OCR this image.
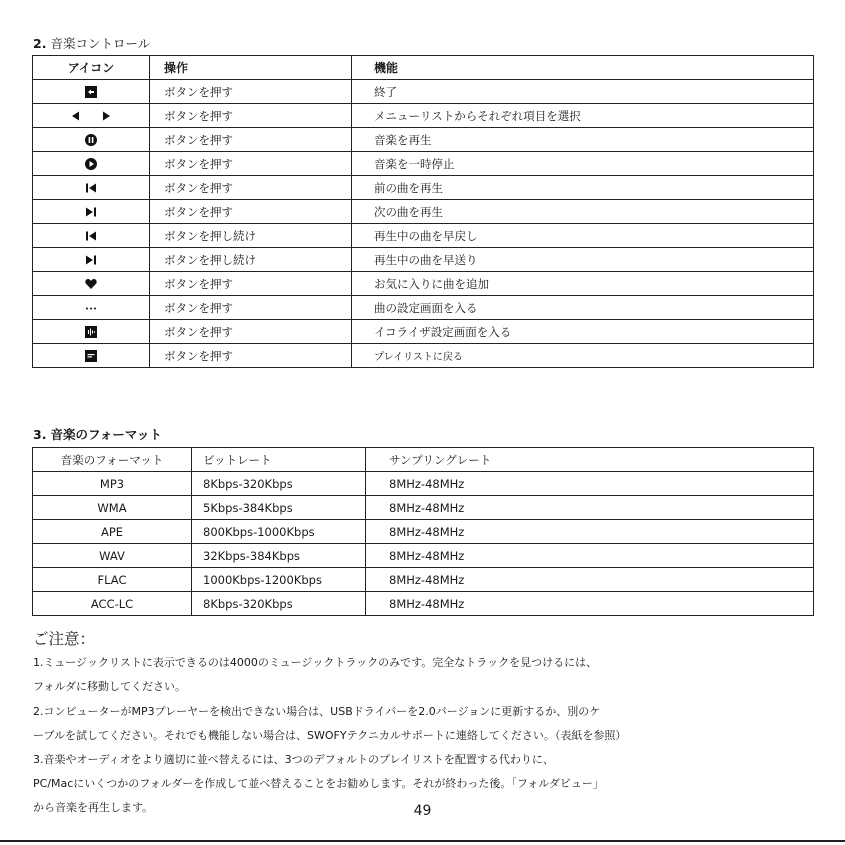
2. 音楽コントロール
アイコン	操作	機能
	ボタンを押す	終了
	ボタンを押す	メニューリストからそれぞれ項目を選択
	ボタンを押す	音楽を再生
	ボタンを押す	音楽を一時停止
	ボタンを押す	前の曲を再生
	ボタンを押す	次の曲を再生
	ボタンを押し続け	再生中の曲を早戻し
	ボタンを押し続け	再生中の曲を早送り
	ボタンを押す	お気に入りに曲を追加
	ボタンを押す	曲の設定画面を入る
	ボタンを押す	イコライザ設定画面を入る
	ボタンを押す	プレイリストに戻る
3. 音楽のフォーマット
音楽のフォーマット	ビットレート	サンプリングレート
MP3	8Kbps-320Kbps	8MHz-48MHz
WMA	5Kbps-384Kbps	8MHz-48MHz
APE	800Kbps-1000Kbps	8MHz-48MHz
WAV	32Kbps-384Kbps	8MHz-48MHz
FLAC	1000Kbps-1200Kbps	8MHz-48MHz
ACC-LC	8Kbps-320Kbps	8MHz-48MHz
ご注意：
1.ミュージックリストに表示できるのは4000のミュージックトラックのみです。完全なトラックを見つけるには、
フォルダに移動してください。
2.コンピューターがMP3プレーヤーを検出できない場合は、USBドライバーを2.0バージョンに更新するか、別のケ
ーブルを試してください。それでも機能しない場合は、SWOFYテクニカルサポートに連絡してください。（表紙を参照）
3.音楽やオーディオをより適切に並べ替えるには、3つのデフォルトのプレイリストを配置する代わりに、
PC/Macにいくつかのフォルダーを作成して並べ替えることをお勧めします。それが終わった後。「フォルダビュー」
から音楽を再生します。	49
